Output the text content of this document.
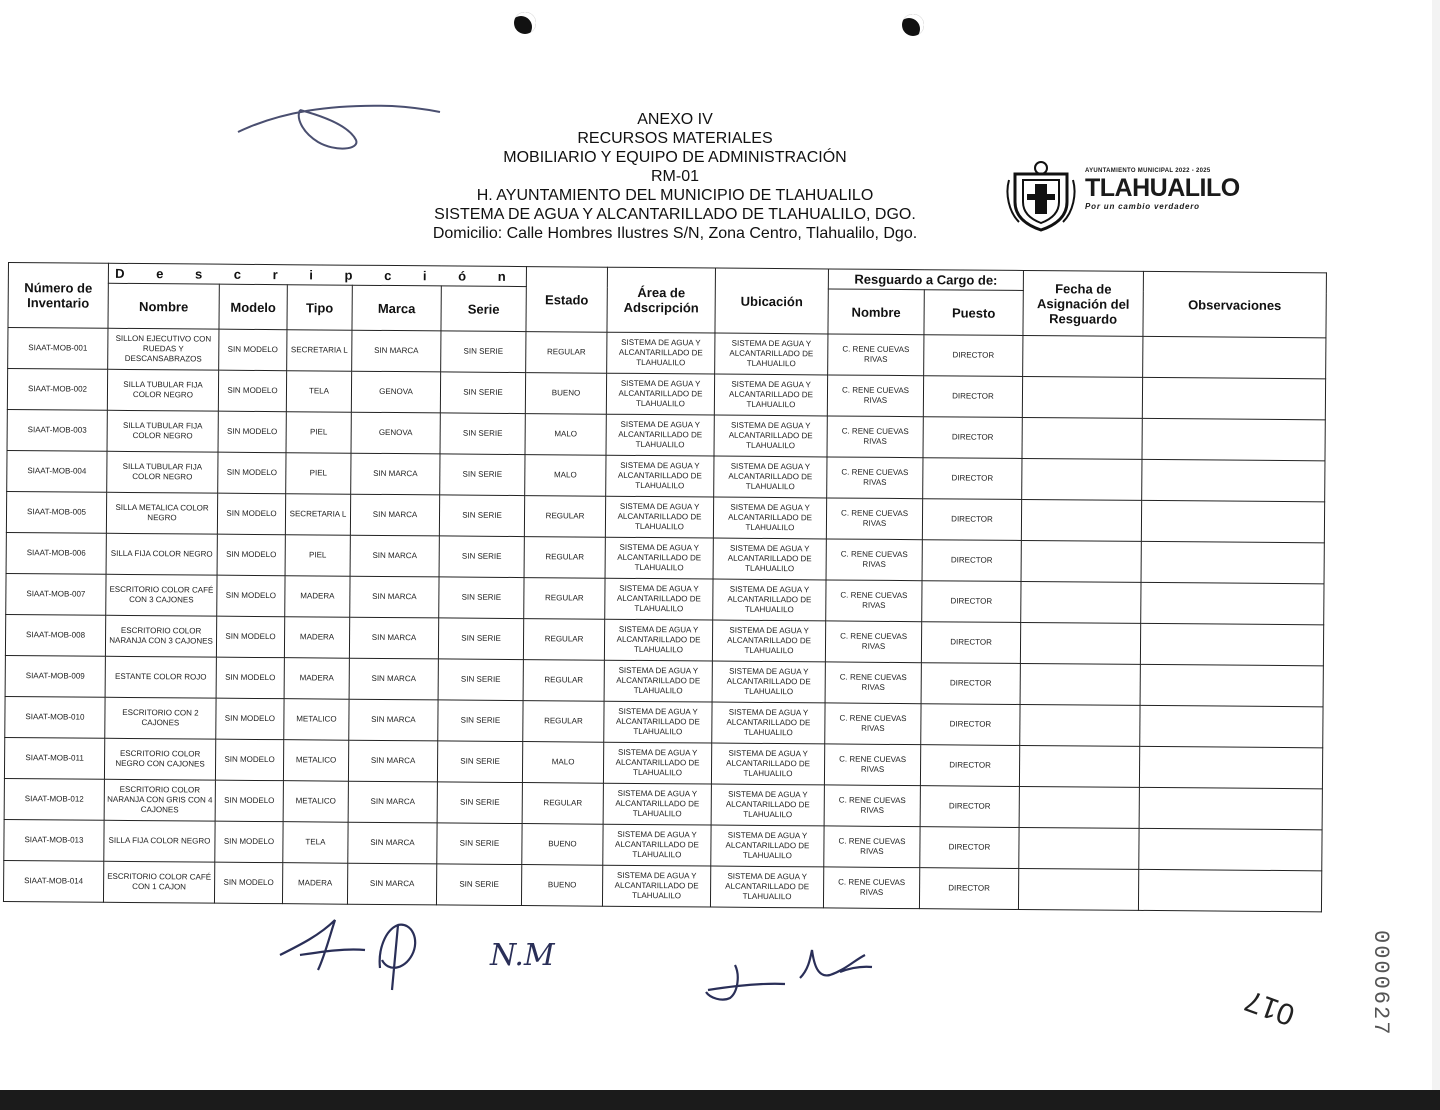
ANEXO IV
RECURSOS MATERIALES
MOBILIARIO Y EQUIPO DE ADMINISTRACIÓN
RM-01
H. AYUNTAMIENTO DEL MUNICIPIO DE TLAHUALILO
SISTEMA DE AGUA Y ALCANTARILLADO DE TLAHUALILO, DGO.
Domicilio: Calle Hombres Ilustres S/N, Zona Centro, Tlahualilo, Dgo.
AYUNTAMIENTO MUNICIPAL 2022 - 2025
TLAHUALILO
Por un cambio verdadero
Número de Inventario	D e s c r i p c i ó n					Estado	Área de Adscripción	Ubicación	Resguardo a Cargo de:		Fecha de Asignación del Resguardo	Observaciones
	Nombre	Modelo	Tipo	Marca	Serie				Nombre	Puesto		
SIAAT-MOB-001	SILLON EJECUTIVO CON RUEDAS Y DESCANSABRAZOS	SIN MODELO	SECRETARIA L	SIN MARCA	SIN SERIE	REGULAR	SISTEMA DE AGUA Y ALCANTARILLADO DE TLAHUALILO	SISTEMA DE AGUA Y ALCANTARILLADO DE TLAHUALILO	C. RENE CUEVAS RIVAS	DIRECTOR		
SIAAT-MOB-002	SILLA TUBULAR FIJA COLOR NEGRO	SIN MODELO	TELA	GENOVA	SIN SERIE	BUENO	SISTEMA DE AGUA Y ALCANTARILLADO DE TLAHUALILO	SISTEMA DE AGUA Y ALCANTARILLADO DE TLAHUALILO	C. RENE CUEVAS RIVAS	DIRECTOR		
SIAAT-MOB-003	SILLA TUBULAR FIJA COLOR NEGRO	SIN MODELO	PIEL	GENOVA	SIN SERIE	MALO	SISTEMA DE AGUA Y ALCANTARILLADO DE TLAHUALILO	SISTEMA DE AGUA Y ALCANTARILLADO DE TLAHUALILO	C. RENE CUEVAS RIVAS	DIRECTOR		
SIAAT-MOB-004	SILLA TUBULAR FIJA COLOR NEGRO	SIN MODELO	PIEL	SIN MARCA	SIN SERIE	MALO	SISTEMA DE AGUA Y ALCANTARILLADO DE TLAHUALILO	SISTEMA DE AGUA Y ALCANTARILLADO DE TLAHUALILO	C. RENE CUEVAS RIVAS	DIRECTOR		
SIAAT-MOB-005	SILLA METALICA COLOR NEGRO	SIN MODELO	SECRETARIA L	SIN MARCA	SIN SERIE	REGULAR	SISTEMA DE AGUA Y ALCANTARILLADO DE TLAHUALILO	SISTEMA DE AGUA Y ALCANTARILLADO DE TLAHUALILO	C. RENE CUEVAS RIVAS	DIRECTOR		
SIAAT-MOB-006	SILLA FIJA COLOR NEGRO	SIN MODELO	PIEL	SIN MARCA	SIN SERIE	REGULAR	SISTEMA DE AGUA Y ALCANTARILLADO DE TLAHUALILO	SISTEMA DE AGUA Y ALCANTARILLADO DE TLAHUALILO	C. RENE CUEVAS RIVAS	DIRECTOR		
SIAAT-MOB-007	ESCRITORIO COLOR CAFÉ CON 3 CAJONES	SIN MODELO	MADERA	SIN MARCA	SIN SERIE	REGULAR	SISTEMA DE AGUA Y ALCANTARILLADO DE TLAHUALILO	SISTEMA DE AGUA Y ALCANTARILLADO DE TLAHUALILO	C. RENE CUEVAS RIVAS	DIRECTOR		
SIAAT-MOB-008	ESCRITORIO COLOR NARANJA CON 3 CAJONES	SIN MODELO	MADERA	SIN MARCA	SIN SERIE	REGULAR	SISTEMA DE AGUA Y ALCANTARILLADO DE TLAHUALILO	SISTEMA DE AGUA Y ALCANTARILLADO DE TLAHUALILO	C. RENE CUEVAS RIVAS	DIRECTOR		
SIAAT-MOB-009	ESTANTE COLOR ROJO	SIN MODELO	MADERA	SIN MARCA	SIN SERIE	REGULAR	SISTEMA DE AGUA Y ALCANTARILLADO DE TLAHUALILO	SISTEMA DE AGUA Y ALCANTARILLADO DE TLAHUALILO	C. RENE CUEVAS RIVAS	DIRECTOR		
SIAAT-MOB-010	ESCRITORIO CON 2 CAJONES	SIN MODELO	METALICO	SIN MARCA	SIN SERIE	REGULAR	SISTEMA DE AGUA Y ALCANTARILLADO DE TLAHUALILO	SISTEMA DE AGUA Y ALCANTARILLADO DE TLAHUALILO	C. RENE CUEVAS RIVAS	DIRECTOR		
SIAAT-MOB-011	ESCRITORIO COLOR NEGRO CON CAJONES	SIN MODELO	METALICO	SIN MARCA	SIN SERIE	MALO	SISTEMA DE AGUA Y ALCANTARILLADO DE TLAHUALILO	SISTEMA DE AGUA Y ALCANTARILLADO DE TLAHUALILO	C. RENE CUEVAS RIVAS	DIRECTOR		
SIAAT-MOB-012	ESCRITORIO COLOR NARANJA CON GRIS CON 4 CAJONES	SIN MODELO	METALICO	SIN MARCA	SIN SERIE	REGULAR	SISTEMA DE AGUA Y ALCANTARILLADO DE TLAHUALILO	SISTEMA DE AGUA Y ALCANTARILLADO DE TLAHUALILO	C. RENE CUEVAS RIVAS	DIRECTOR		
SIAAT-MOB-013	SILLA FIJA COLOR NEGRO	SIN MODELO	TELA	SIN MARCA	SIN SERIE	BUENO	SISTEMA DE AGUA Y ALCANTARILLADO DE TLAHUALILO	SISTEMA DE AGUA Y ALCANTARILLADO DE TLAHUALILO	C. RENE CUEVAS RIVAS	DIRECTOR		
SIAAT-MOB-014	ESCRITORIO COLOR CAFÉ CON 1 CAJON	SIN MODELO	MADERA	SIN MARCA	SIN SERIE	BUENO	SISTEMA DE AGUA Y ALCANTARILLADO DE TLAHUALILO	SISTEMA DE AGUA Y ALCANTARILLADO DE TLAHUALILO	C. RENE CUEVAS RIVAS	DIRECTOR		
N.M	0000627
017
